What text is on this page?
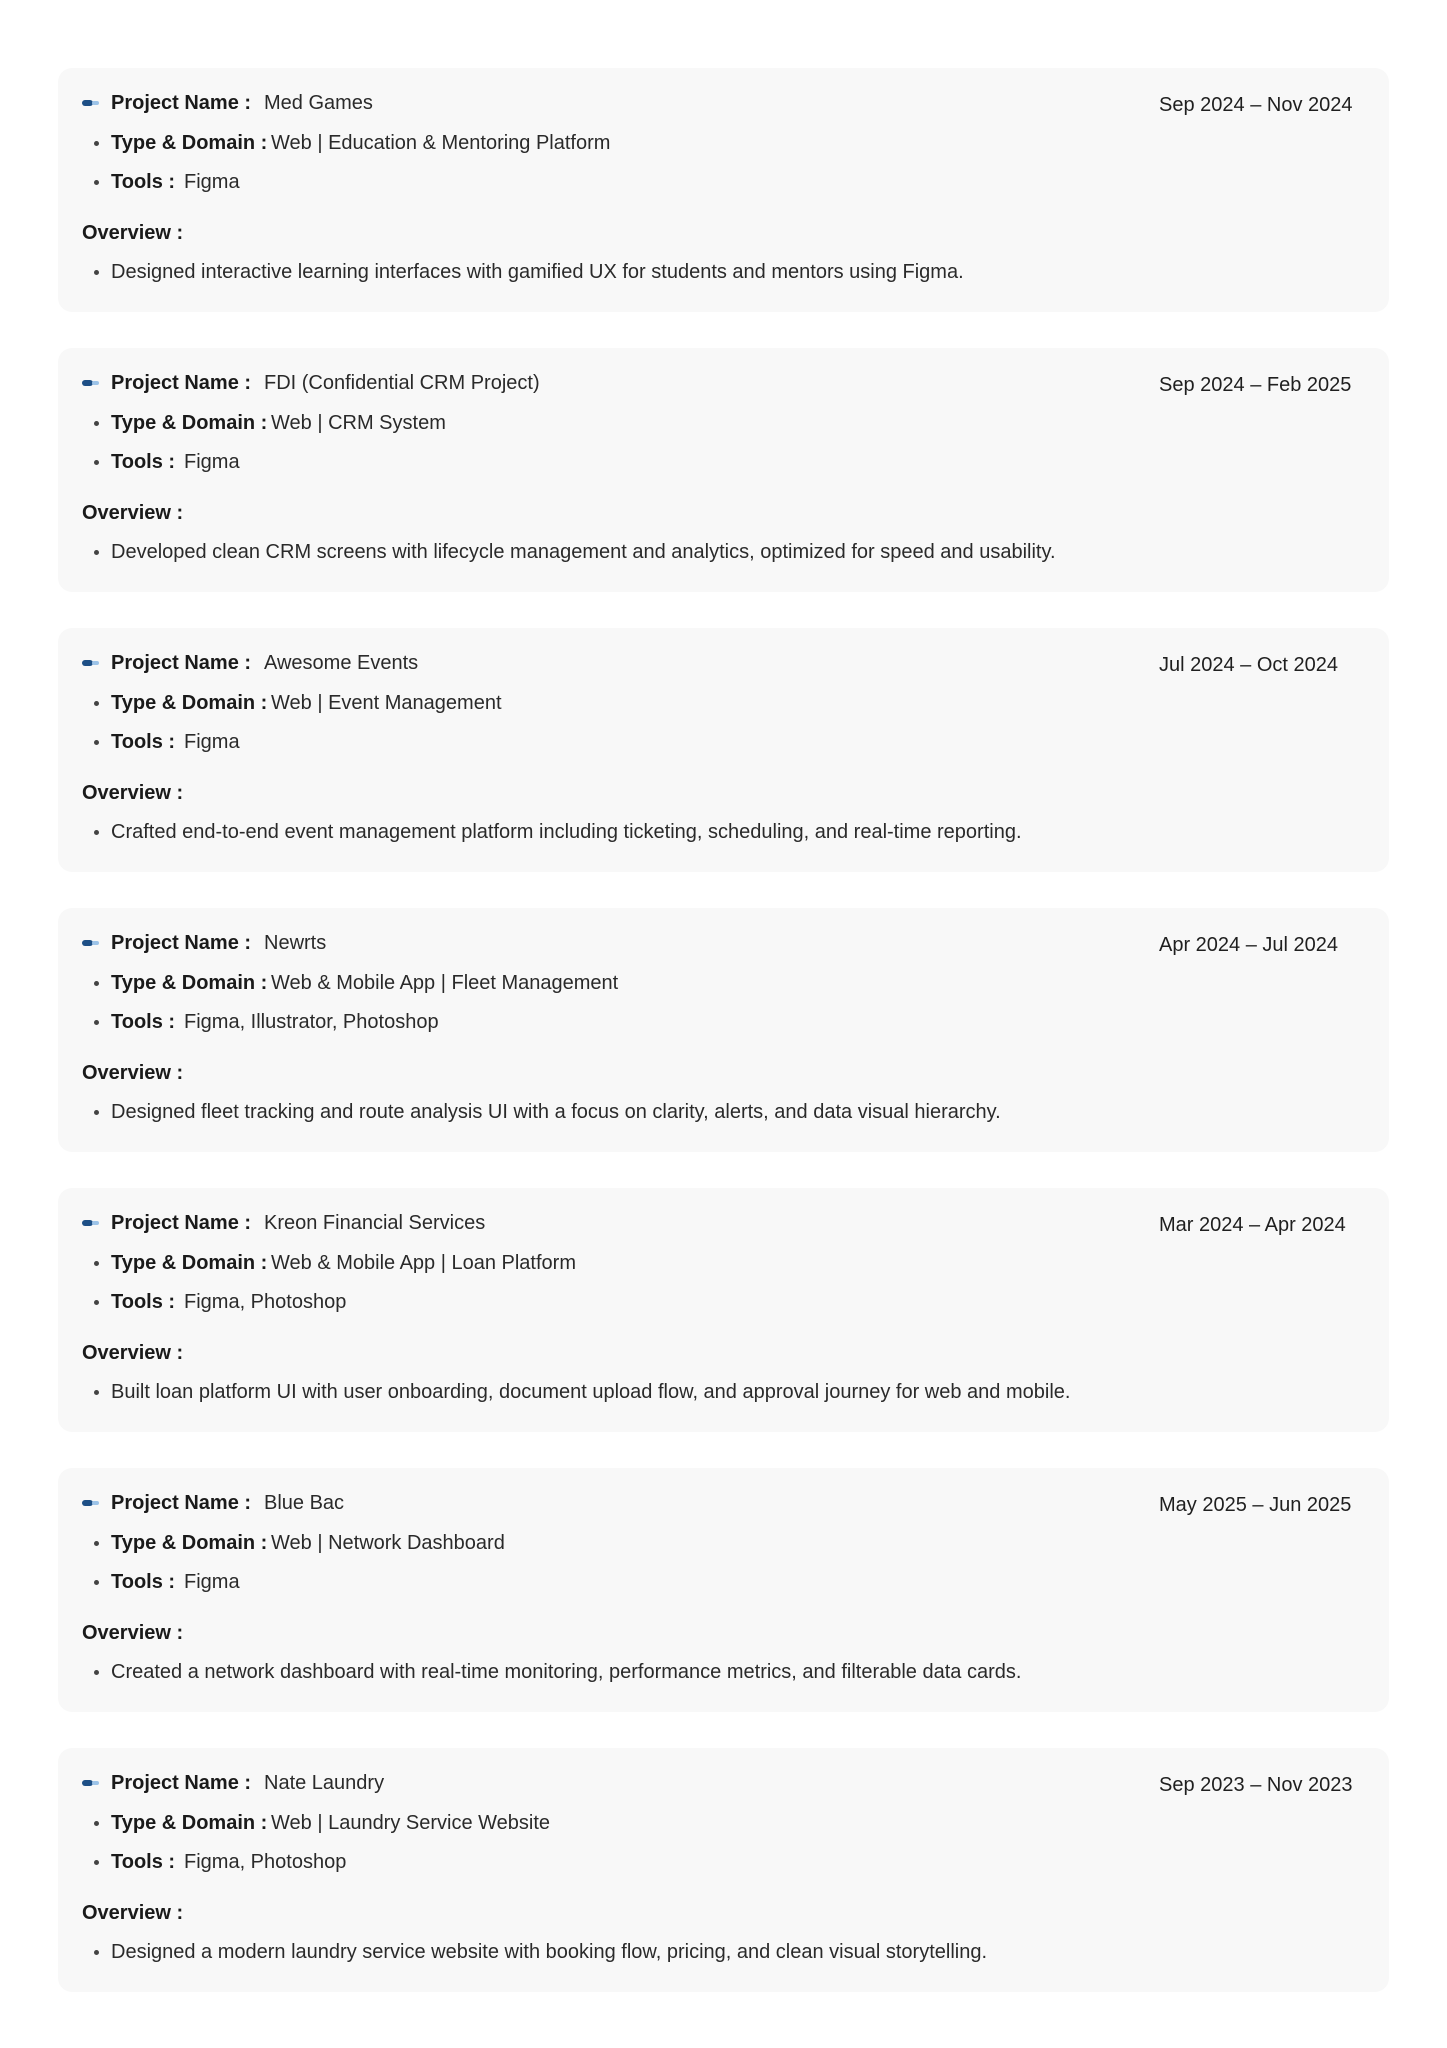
Project Name : Med Games	Sep 2024 – Nov 2024
Type & Domain : Web | Education & Mentoring Platform
Tools : Figma
Overview :
Designed interactive learning interfaces with gamified UX for students and mentors using Figma.
Project Name : FDI (Confidential CRM Project)	Sep 2024 – Feb 2025
Type & Domain : Web | CRM System
Tools : Figma
Overview :
Developed clean CRM screens with lifecycle management and analytics, optimized for speed and usability.
Project Name : Awesome Events	Jul 2024 – Oct 2024
Type & Domain : Web | Event Management
Tools : Figma
Overview :
Crafted end-to-end event management platform including ticketing, scheduling, and real-time reporting.
Project Name : Newrts	Apr 2024 – Jul 2024
Type & Domain : Web & Mobile App | Fleet Management
Tools : Figma, Illustrator, Photoshop
Overview :
Designed fleet tracking and route analysis UI with a focus on clarity, alerts, and data visual hierarchy.
Project Name : Kreon Financial Services	Mar 2024 – Apr 2024
Type & Domain : Web & Mobile App | Loan Platform
Tools : Figma, Photoshop
Overview :
Built loan platform UI with user onboarding, document upload flow, and approval journey for web and mobile.
Project Name : Blue Bac	May 2025 – Jun 2025
Type & Domain : Web | Network Dashboard
Tools : Figma
Overview :
Created a network dashboard with real-time monitoring, performance metrics, and filterable data cards.
Project Name : Nate Laundry	Sep 2023 – Nov 2023
Type & Domain : Web | Laundry Service Website
Tools : Figma, Photoshop
Overview :
Designed a modern laundry service website with booking flow, pricing, and clean visual storytelling.
